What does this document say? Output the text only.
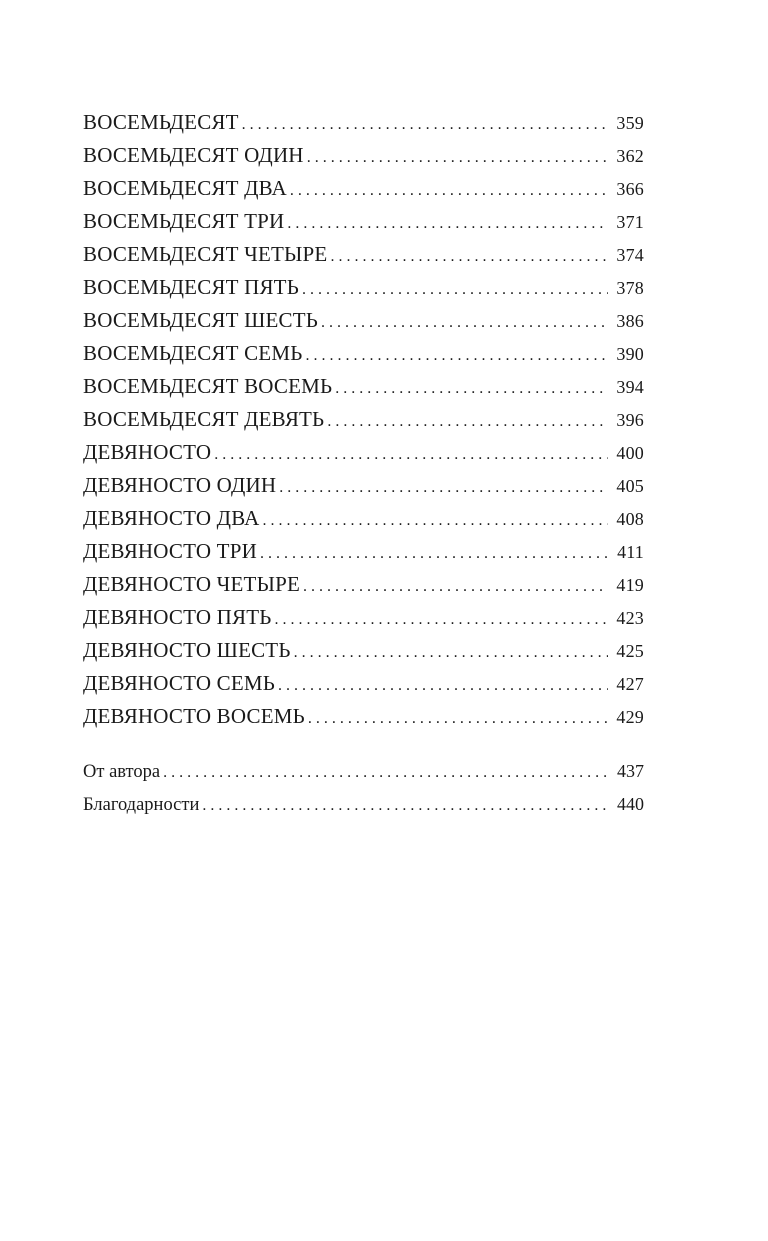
ВОСЕМЬДЕСЯТ . . .	359
ВОСЕМЬДЕСЯТ ОДИН . . .	362
ВОСЕМЬДЕСЯТ ДВА . . .	366
ВОСЕМЬДЕСЯТ ТРИ . . .	371
ВОСЕМЬДЕСЯТ ЧЕТЫРЕ . . .	374
ВОСЕМЬДЕСЯТ ПЯТЬ . . .	378
ВОСЕМЬДЕСЯТ ШЕСТЬ . . .	386
ВОСЕМЬДЕСЯТ СЕМЬ . . .	390
ВОСЕМЬДЕСЯТ ВОСЕМЬ . . .	394
ВОСЕМЬДЕСЯТ ДЕВЯТЬ . . .	396
ДЕВЯНОСТО . . .	400
ДЕВЯНОСТО ОДИН . . .	405
ДЕВЯНОСТО ДВА . . .	408
ДЕВЯНОСТО ТРИ . . .	411
ДЕВЯНОСТО ЧЕТЫРЕ . . .	419
ДЕВЯНОСТО ПЯТЬ . . .	423
ДЕВЯНОСТО ШЕСТЬ . . .	425
ДЕВЯНОСТО СЕМЬ . . .	427
ДЕВЯНОСТО ВОСЕМЬ . . .	429
От автора . . .	437
Благодарности . . .	440
